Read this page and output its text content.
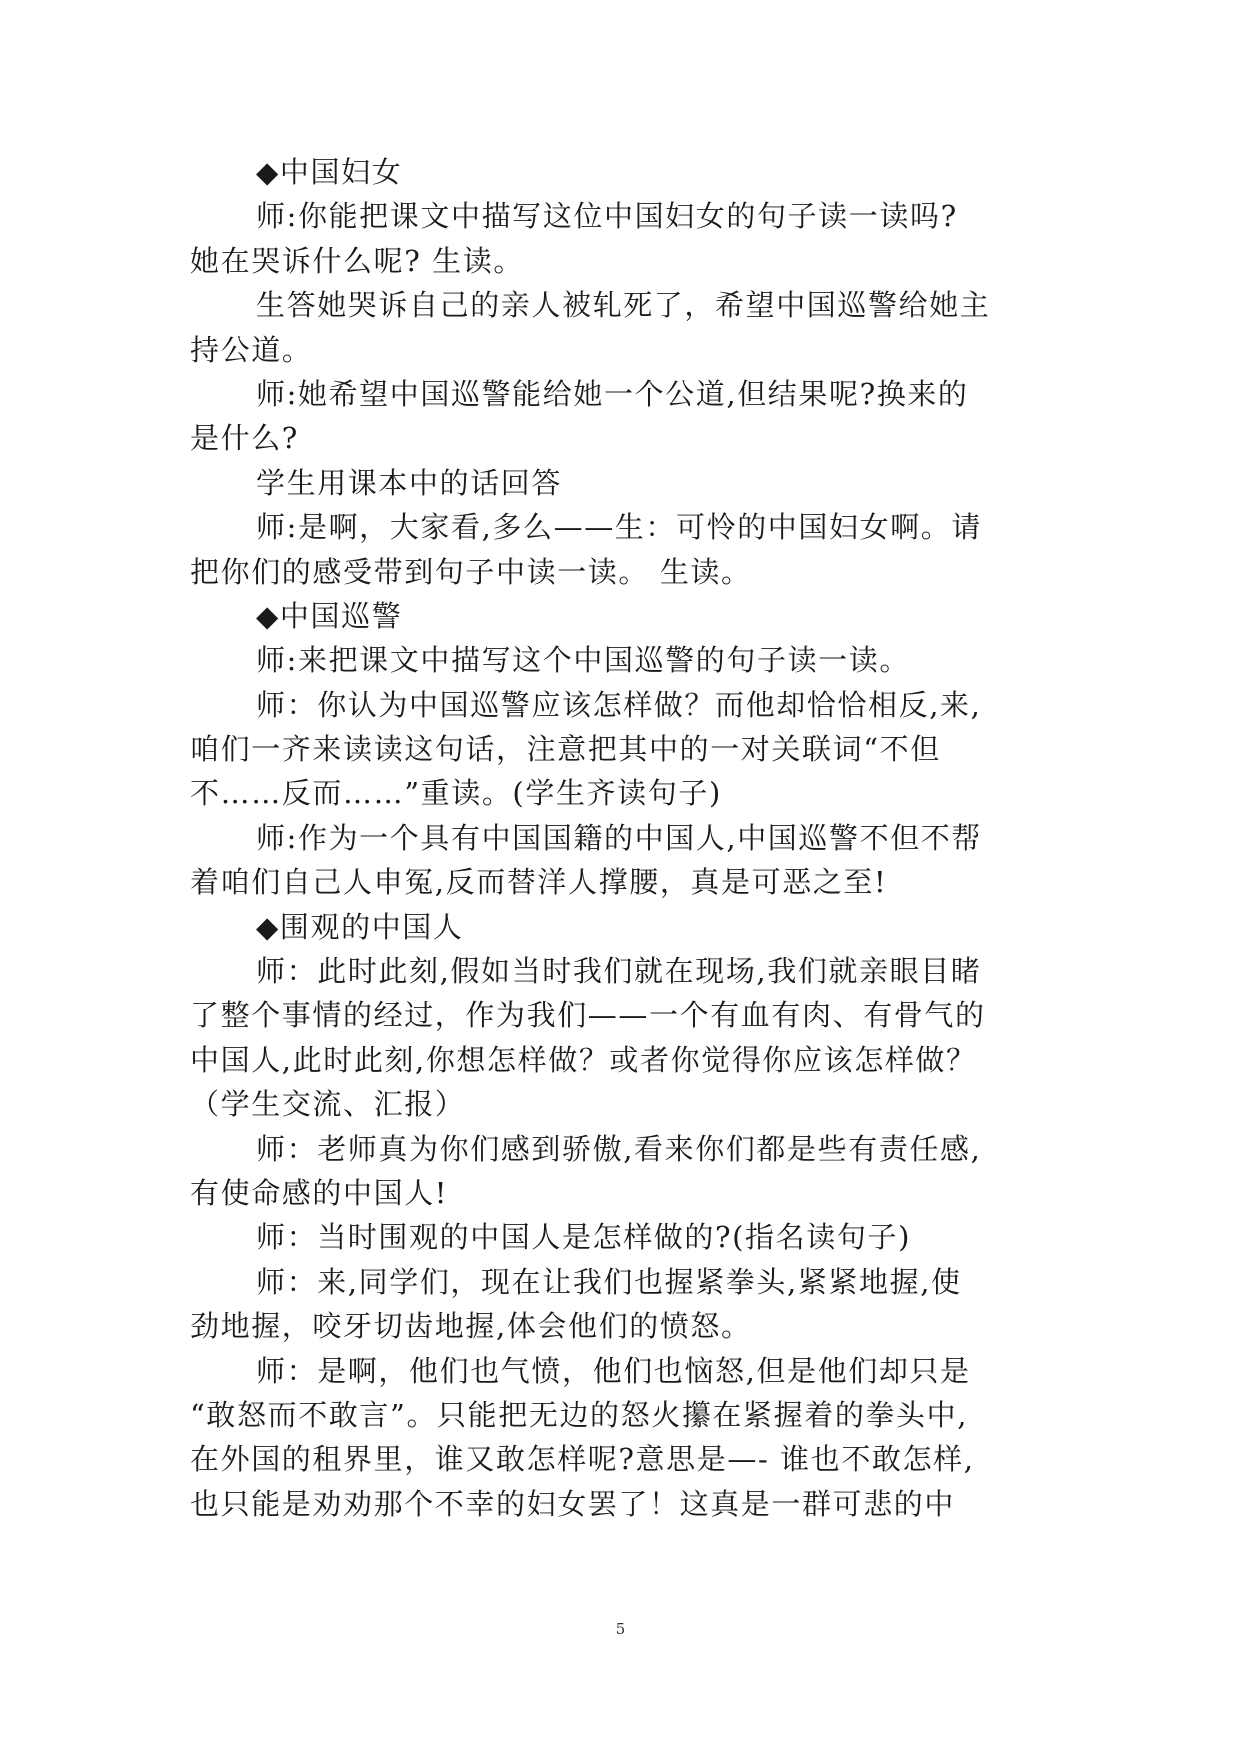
◆中国妇女
师:你能把课文中描写这位中国妇女的句子读一读吗?
她在哭诉什么呢? 生读。
生答她哭诉自己的亲人被轧死了，希望中国巡警给她主
持公道。
师:她希望中国巡警能给她一个公道,但结果呢?换来的
是什么?
学生用课本中的话回答
师:是啊，大家看,多么——生：可怜的中国妇女啊。请
把你们的感受带到句子中读一读。 生读。
◆中国巡警
师:来把课文中描写这个中国巡警的句子读一读。
师：你认为中国巡警应该怎样做？而他却恰恰相反,来,
咱们一齐来读读这句话，注意把其中的一对关联词“不但
不……反而……”重读。(学生齐读句子)
师:作为一个具有中国国籍的中国人,中国巡警不但不帮
着咱们自己人申冤,反而替洋人撑腰，真是可恶之至!
◆围观的中国人
师：此时此刻,假如当时我们就在现场,我们就亲眼目睹
了整个事情的经过，作为我们——一个有血有肉、有骨气的
中国人,此时此刻,你想怎样做？或者你觉得你应该怎样做？
（学生交流、汇报）
师：老师真为你们感到骄傲,看来你们都是些有责任感,
有使命感的中国人!
师：当时围观的中国人是怎样做的?(指名读句子)
师：来,同学们，现在让我们也握紧拳头,紧紧地握,使
劲地握，咬牙切齿地握,体会他们的愤怒。
师：是啊，他们也气愤，他们也恼怒,但是他们却只是
“敢怒而不敢言”。只能把无边的怒火攥在紧握着的拳头中,
在外国的租界里，谁又敢怎样呢?意思是—- 谁也不敢怎样,
也只能是劝劝那个不幸的妇女罢了！这真是一群可悲的中
5
